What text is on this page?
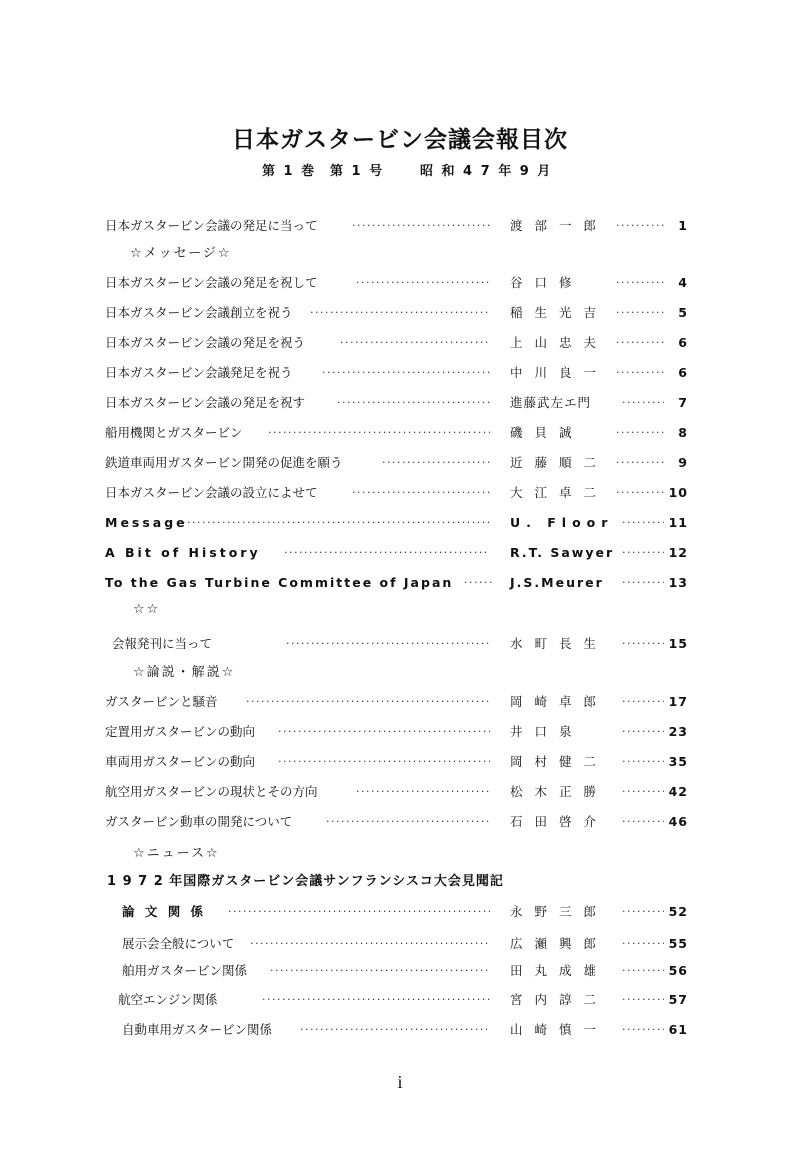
日本ガスタービン会議会報目次
第 1 巻 第 1 号	昭 和 4 7 年 9 月
日本ガスタービン会議の発足に当って ·····	渡 部 一 郎 ·····	1
☆メッセージ☆
日本ガスタービン会議の発足を祝して ·····	谷 口 修 ·····	4
日本ガスタービン会議創立を祝う ·····	稲 生 光 吉 ·····	5
日本ガスタービン会議の発足を祝う ·····	上 山 忠 夫 ·····	6
日本ガスタービン会議発足を祝う ·····	中 川 良 一 ·····	6
日本ガスタービン会議の発足を祝す ·····	進藤武左エ門 ·····	7
船用機関とガスタービン ·····	磯 貝 誠 ·····	8
鉄道車両用ガスタービン開発の促進を願う ·····	近 藤 順 二 ·····	9
日本ガスタービン会議の設立によせて ·····	大 江 卓 二 ·····	10
Message ·····	U. Floor ·····	11
A Bit of History ·····	R.T. Sawyer ·····	12
To the Gas Turbine Committee of Japan ·····	J.S.Meurer ·····	13
☆☆
会報発刊に当って ·····	水 町 長 生 ·····	15
☆論説・解説☆
ガスタービンと騒音 ·····	岡 崎 卓 郎 ·····	17
定置用ガスタービンの動向 ·····	井 口 泉 ·····	23
車両用ガスタービンの動向 ·····	岡 村 健 二 ·····	35
航空用ガスタービンの現状とその方向 ·····	松 木 正 勝 ·····	42
ガスタービン動車の開発について ·····	石 田 啓 介 ·····	46
☆ニュース☆
1 9 7 2 年国際ガスタービン会議サンフランシスコ大会見聞記
論 文 関 係 ·····	永 野 三 郎 ·····	52
展示会全般について ·····	広 瀬 興 郎 ·····	55
舶用ガスタービン関係 ·····	田 丸 成 雄 ·····	56
航空エンジン関係 ·····	宮 内 諄 二 ·····	57
自動車用ガスタービン関係 ·····	山 崎 慎 一 ·····	61
i
